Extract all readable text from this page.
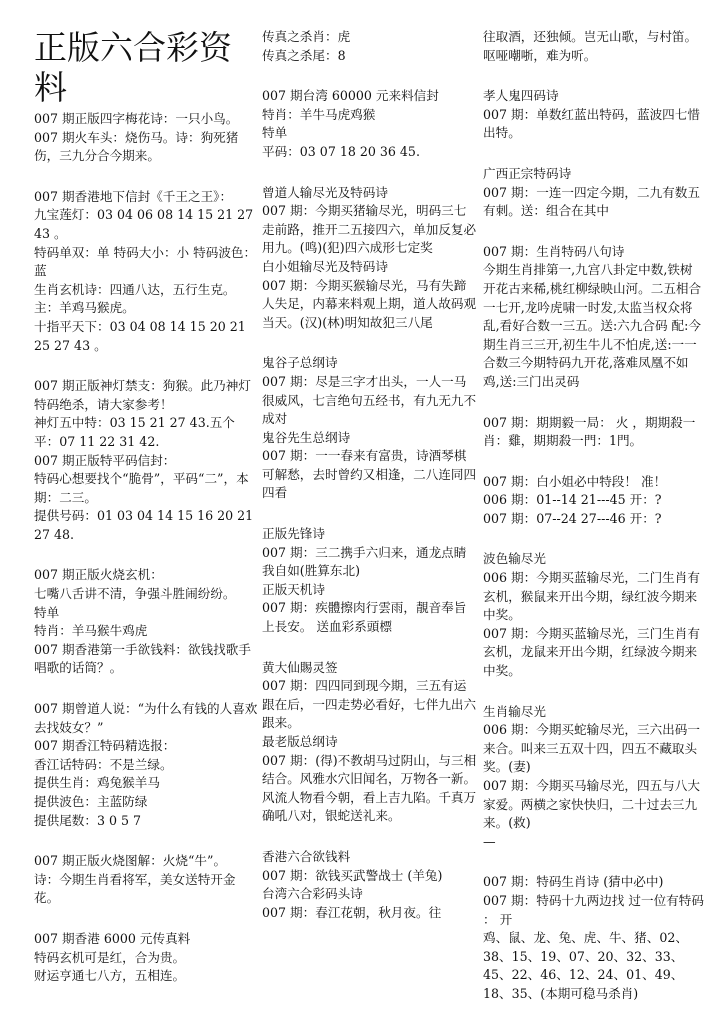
正版六合彩资料
007 期正版四字梅花诗：一只小鸟。
007 期火车头：烧伤马。诗：狗死猪伤，三九分合今期来。
007 期香港地下信封《千王之王》：
九宝莲灯：03 04 06 08 14 15 21 27 43 。
特码单双：单 特码大小：小 特码波色：蓝
生肖玄机诗：四通八达，五行生克。主：羊鸡马猴虎。
十指平天下：03 04 08 14 15 20 21 25 27 43 。
007 期正版神灯禁支：狗猴。此乃神灯特码绝杀，请大家参考！
神灯五中特：03 15 21 27 43.五个平：07 11 22 31 42.
007 期正版特平码信封：
特码心想要找个“脆骨”，平码“二”，本期：二三。
提供号码：01 03 04 14 15 16 20 21 27 48.
007 期正版火烧玄机：
七嘴八舌讲不清，争强斗胜闹纷纷。
特单
特肖：羊马猴牛鸡虎
007 期香港第一手欲钱料：欲钱找歌手唱歌的话筒？。
007 期曾道人说：“为什么有钱的人喜欢去找妓女？”
007 期香江特码精选报：
香江话特码：不是兰绿。
提供生肖：鸡兔猴羊马
提供波色：主蓝防绿
提供尾数：3 0 5 7
007 期正版火烧图解：火烧“牛”。
诗：今期生肖看将军，美女送特开金花。
007 期香港 6000 元传真料
特码玄机可是红，合为贵。
财运亨通七八方，五相连。
传真之杀肖：虎
传真之杀尾：8
007 期台湾 60000 元来料信封
特肖：羊牛马虎鸡猴
特单
平码：03 07 18 20 36 45.
曾道人输尽光及特码诗
007 期：今期买猪输尽光，明码三七走前路，推开二五接四六，单加反复必用九。(鸣)(犯)四六成形七定奖
白小姐输尽光及特码诗
007 期：今期买猴输尽光，马有失蹄人失足，内幕来料观上期，道人故码观当天。(汉)(林)明知故犯三八尾
鬼谷子总纲诗
007 期：尽是三字才出头，一人一马很威风，七言绝句五经书，有九无九不成对
鬼谷先生总纲诗
007 期：一一春来有富贵，诗酒琴棋可解愁，去时曾约又相逢，二八连同四四看
正版先锋诗
007 期：三二携手六归来，通龙点睛我自如(胜算东北)
正版天机诗
007 期：疾體擦肉行雲雨，靚音奉旨上長安。 送血彩系頭標
黄大仙賜灵签
007 期：四四同到现今期，三五有运跟在后，一四走势必看好，七伴九出六跟来。
最老版总纲诗
007 期：(得)不教胡马过阴山，与三相结合。风雅水穴旧闻名，万物各一新。风流人物看今朝，看上吉九陷。千真万确吼八对，银蛇送礼来。
香港六合欲钱料
007 期：欲钱买武警战士 (羊兔)
台湾六合彩码头诗
007 期：春江花朝，秋月夜。往
往取酒，还独倾。岂无山歌，与村笛。呕哑嘲哳，难为听。
孝人鬼四码诗
007 期：单数红蓝出特码，蓝波四七惜出特。
广西正宗特码诗
007 期：一连一四定今期，二九有数五有刺。送：组合在其中
007 期：生肖特码八句诗
今期生肖排第一,九宫八卦定中数,铁树开花古来稀,桃红柳绿映山河。二五相合一七开,龙吟虎啸一时发,太监当权众将乱,看好合数一三五。送:六九合码 配:今期生肖三三开,初生牛儿不怕虎,送:一一合数三今期特码九开花,落难凤凰不如鸡,送:三门出灵码
007 期：期期毅一局： 火 ，期期殺一肖：雞，期期殺一門：1門。
007 期：白小姐必中特段！ 准！
006 期：01--14 21---45 开：?
007 期：07--24 27---46 开：?
波色输尽光
006 期：今期买蓝输尽光，二门生肖有玄机，猴鼠来开出今期，绿红波今期来中奖。
007 期：今期买蓝输尽光，三门生肖有玄机，龙鼠来开出今期，红绿波今期来中奖。
生肖输尽光
006 期：今期买蛇输尽光，三六出码一来合。叫来三五双十四，四五不藏取头奖。(妻)
007 期：今期买马输尽光，四五与八大家爱。两横之家快快归，二十过去三九来。(救)
—
007 期：特码生肖诗 (猜中必中)
007 期：特码十九两边找 过一位有特码 ： 开
鸡、鼠、龙、兔、虎、牛、猪、02、38、15、19、07、20、32、33、45、22、46、12、24、01、49、18、35、(本期可稳马杀肖)
